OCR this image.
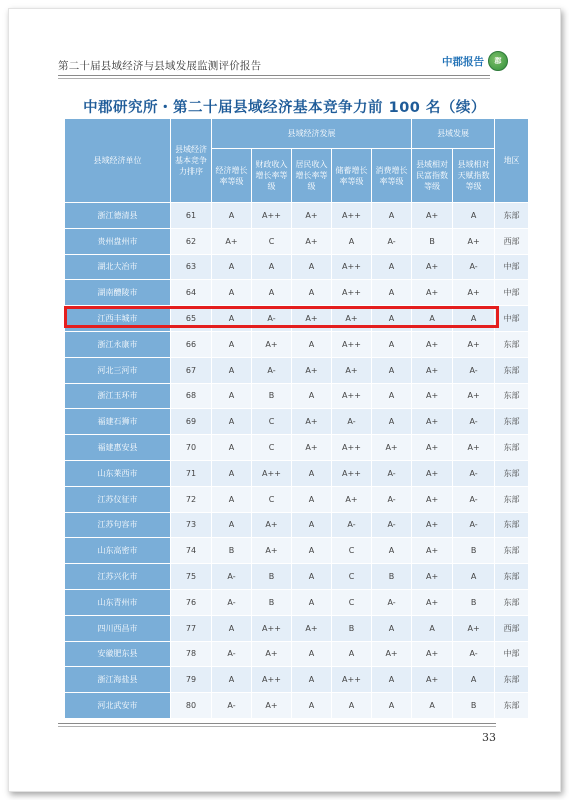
第二十届县域经济与县域发展监测评价报告	中郡报告	郡
中郡研究所・第二十届县域经济基本竞争力前 100 名（续）
县域经济单位	县域经济基本竞争力排序	县域经济发展					县域发展		地区
		经济增长率等级	财政收入增长率等级	居民收入增长率等级	储蓄增长率等级	消费增长率等级	县域相对民富指数等级	县域相对天赋指数等级	
浙江德清县	61	A	A++	A+	A++	A	A+	A	东部
贵州盘州市	62	A+	C	A+	A	A-	B	A+	西部
湖北大冶市	63	A	A	A	A++	A	A+	A-	中部
湖南醴陵市	64	A	A	A	A++	A	A+	A+	中部
江西丰城市	65	A	A-	A+	A+	A	A	A	中部
浙江永康市	66	A	A+	A	A++	A	A+	A+	东部
河北三河市	67	A	A-	A+	A+	A	A+	A-	东部
浙江玉环市	68	A	B	A	A++	A	A+	A+	东部
福建石狮市	69	A	C	A+	A-	A	A+	A-	东部
福建惠安县	70	A	C	A+	A++	A+	A+	A+	东部
山东莱西市	71	A	A++	A	A++	A-	A+	A-	东部
江苏仪征市	72	A	C	A	A+	A-	A+	A-	东部
江苏句容市	73	A	A+	A	A-	A-	A+	A-	东部
山东高密市	74	B	A+	A	C	A	A+	B	东部
江苏兴化市	75	A-	B	A	C	B	A+	A	东部
山东青州市	76	A-	B	A	C	A-	A+	B	东部
四川西昌市	77	A	A++	A+	B	A	A	A+	西部
安徽肥东县	78	A-	A+	A	A	A+	A+	A-	中部
浙江海盐县	79	A	A++	A	A++	A	A+	A	东部
河北武安市	80	A-	A+	A	A	A	A	B	东部
33
